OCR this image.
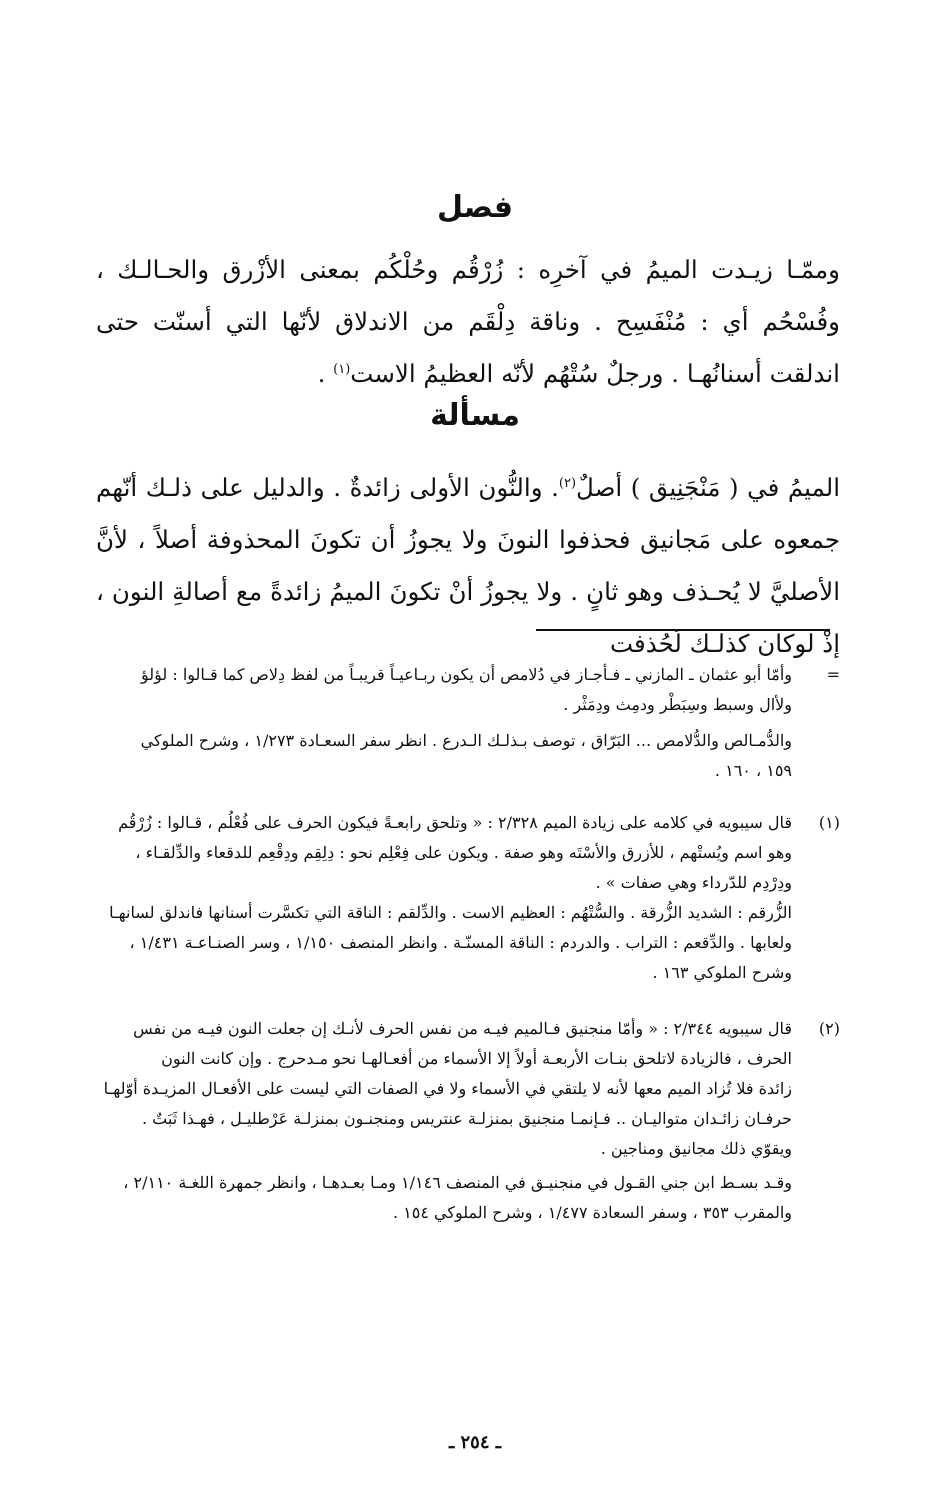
فصل
وممّـا زيـدت الميمُ في آخرِه : زُرْقُم وحُلْكُم بمعنى الأزْرق والحـالـك ، وفُسْحُم أي : مُنْفَسِح . وناقة دِلْقَم من الاندلاق لأنّها التي أسنّت حتى اندلقت أسنانُهـا . ورجلٌ سُتْهُم لأنّه العظيمُ الاست$^{(١)}$ .
مسألة
الميمُ في ( مَنْجَنِيق ) أصلٌ$^{(٢)}$. والنُّون الأولى زائدةٌ . والدليل على ذلـك أنّهم جمعوه على مَجانيق فحذفوا النونَ ولا يجوزُ أن تكونَ المحذوفة أصلاً ، لأنَّ الأصليَّ لا يُحـذف وهو ثانٍ . ولا يجوزُ أنْ تكونَ الميمُ زائدةً مع أصالةِ النون ، إذْ لوكان كذلـك لَحُذفت
=
وأمّا أبو عثمان ـ المازني ـ فـأجـاز في دُلامص أن يكون ربـاعيـاً قريبـاً من لفظ دِلاص كما قـالوا : لؤلؤ
ولأال وسبط وسِبَطْر ودمِث ودِمَثْر .
والدُّمـالص والدُّلامص ... البَرّاق ، توصف بـذلـك الـدرع . انظر سفر السعـادة ١/٢٧٣ ، وشرح الملوكي
١٥٩ ، ١٦٠ .
(١)
قال سيبويه في كلامه على زيادة الميم ٢/٣٢٨ : « وتلحق رابعـةً فيكون الحرف على فُعْلُم ، قـالوا : زُرْقُم
وهو اسم ويُستْهم ، للأزرق والأسْتَه وهو صفة . ويكون على فِعْلِم نحو : دِلِقِم ودِقْعِم للدقعاء والدِّلقـاء ،
ودِرْدِم للدّرداء وهي صفات » .
الزُّرقم : الشديد الزُّرقة . والسُّتْهُم : العظيم الاست . والدِّلقم : الناقة التي تكسَّرت أسنانها فاندلق لسانهـا
ولعابها . والدِّقعم : التراب . والدردم : الناقة المسنّـة . وانظر المنصف ١/١٥٠ ، وسر الصنـاعـة ١/٤٣١ ،
وشرح الملوكي ١٦٣ .
(٢)
قال سيبويه ٢/٣٤٤ : « وأمّا منجنيق فـالميم فيـه من نفس الحرف لأنـك إن جعلت النون فيـه من نفس
الحرف ، فالزيادة لاتلحق بنـات الأربعـة أولاً إلا الأسماء من أفعـالهـا نحو مـدحرج . وإن كانت النون
زائدة فلا تُزاد الميم معها لأنه لا يلتقي في الأسماء ولا في الصفات التي ليست على الأفعـال المزيـدة أوّلهـا
حرفـان زائـدان متواليـان .. فـإنمـا منجنيق بمنزلـة عنتريس ومنجنـون بمنزلـة عَرْطليـل ، فهـذا ثَبَتٌ .
ويقوّي ذلك مجانيق ومناجين .
وقـد بسـط ابن جني القـول في منجنيـق في المنصف ١/١٤٦ ومـا بعـدهـا ، وانظر جمهرة اللغـة ٢/١١٠ ،
والمقرب ٣٥٣ ، وسفر السعادة ١/٤٧٧ ، وشرح الملوكي ١٥٤ .
ـ ٢٥٤ ـ
